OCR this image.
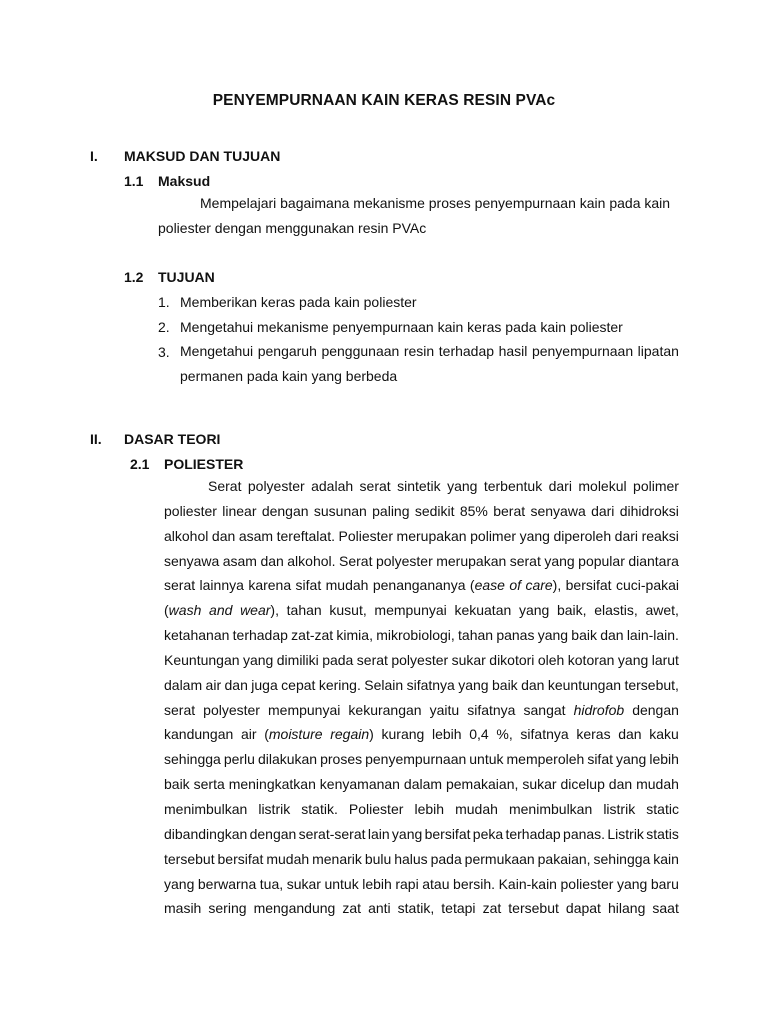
PENYEMPURNAAN KAIN KERAS RESIN PVAc
I. MAKSUD DAN TUJUAN
1.1 Maksud
Mempelajari bagaimana mekanisme proses penyempurnaan kain pada kain
poliester dengan menggunakan resin PVAc
1.2 TUJUAN
1. Memberikan keras pada kain poliester
2. Mengetahui mekanisme penyempurnaan kain keras pada kain poliester
3. Mengetahui pengaruh penggunaan resin terhadap hasil penyempurnaan lipatan
permanen pada kain yang berbeda
II. DASAR TEORI
2.1 POLIESTER
Serat polyester adalah serat sintetik yang terbentuk dari molekul polimer
poliester linear dengan susunan paling sedikit 85% berat senyawa dari dihidroksi
alkohol dan asam tereftalat. Poliester merupakan polimer yang diperoleh dari reaksi
senyawa asam dan alkohol. Serat polyester merupakan serat yang popular diantara
serat lainnya karena sifat mudah penangananya (ease of care), bersifat cuci-pakai
(wash and wear), tahan kusut, mempunyai kekuatan yang baik, elastis, awet,
ketahanan terhadap zat-zat kimia, mikrobiologi, tahan panas yang baik dan lain-lain.
Keuntungan yang dimiliki pada serat polyester sukar dikotori oleh kotoran yang larut
dalam air dan juga cepat kering. Selain sifatnya yang baik dan keuntungan tersebut,
serat polyester mempunyai kekurangan yaitu sifatnya sangat hidrofob dengan
kandungan air (moisture regain) kurang lebih 0,4 %, sifatnya keras dan kaku
sehingga perlu dilakukan proses penyempurnaan untuk memperoleh sifat yang lebih
baik serta meningkatkan kenyamanan dalam pemakaian, sukar dicelup dan mudah
menimbulkan listrik statik. Poliester lebih mudah menimbulkan listrik static
dibandingkan dengan serat-serat lain yang bersifat peka terhadap panas. Listrik statis
tersebut bersifat mudah menarik bulu halus pada permukaan pakaian, sehingga kain
yang berwarna tua, sukar untuk lebih rapi atau bersih. Kain-kain poliester yang baru
masih sering mengandung zat anti statik, tetapi zat tersebut dapat hilang saat
